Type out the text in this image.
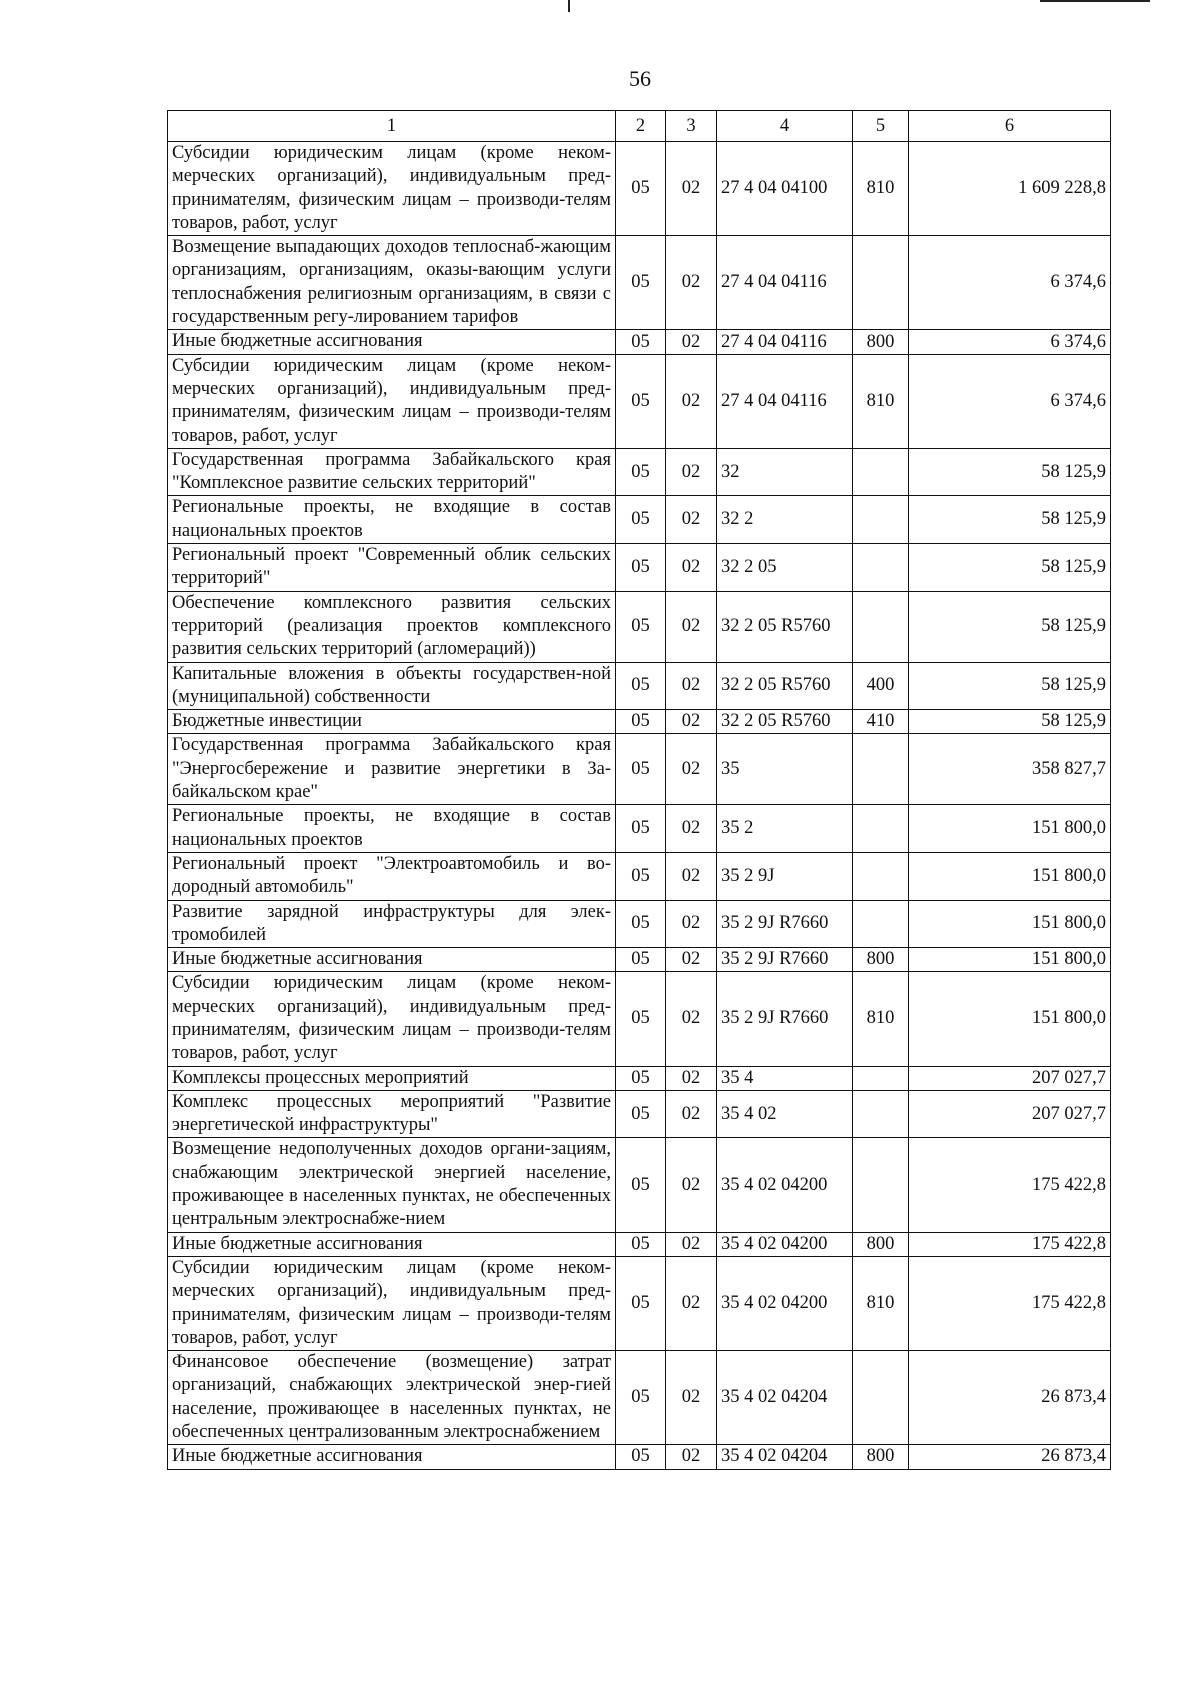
56
1	2	3	4	5	6
Субсидии юридическим лицам (кроме неком-мерческих организаций), индивидуальным пред-принимателям, физическим лицам – производи-телям товаров, работ, услуг	05	02	27 4 04 04100	810	1 609 228,8
Возмещение выпадающих доходов теплоснаб-жающим организациям, организациям, оказы-вающим услуги теплоснабжения религиозным организациям, в связи с государственным регу-лированием тарифов	05	02	27 4 04 04116		6 374,6
Иные бюджетные ассигнования	05	02	27 4 04 04116	800	6 374,6
Субсидии юридическим лицам (кроме неком-мерческих организаций), индивидуальным пред-принимателям, физическим лицам – производи-телям товаров, работ, услуг	05	02	27 4 04 04116	810	6 374,6
Государственная программа Забайкальского края "Комплексное развитие сельских территорий"	05	02	32		58 125,9
Региональные проекты, не входящие в состав национальных проектов	05	02	32 2		58 125,9
Региональный проект "Современный облик сельских территорий"	05	02	32 2 05		58 125,9
Обеспечение комплексного развития сельских территорий (реализация проектов комплексного развития сельских территорий (агломераций))	05	02	32 2 05 R5760		58 125,9
Капитальные вложения в объекты государствен-ной (муниципальной) собственности	05	02	32 2 05 R5760	400	58 125,9
Бюджетные инвестиции	05	02	32 2 05 R5760	410	58 125,9
Государственная программа Забайкальского края "Энергосбережение и развитие энергетики в За-байкальском крае"	05	02	35		358 827,7
Региональные проекты, не входящие в состав национальных проектов	05	02	35 2		151 800,0
Региональный проект "Электроавтомобиль и во-дородный автомобиль"	05	02	35 2 9J		151 800,0
Развитие зарядной инфраструктуры для элек-тромобилей	05	02	35 2 9J R7660		151 800,0
Иные бюджетные ассигнования	05	02	35 2 9J R7660	800	151 800,0
Субсидии юридическим лицам (кроме неком-мерческих организаций), индивидуальным пред-принимателям, физическим лицам – производи-телям товаров, работ, услуг	05	02	35 2 9J R7660	810	151 800,0
Комплексы процессных мероприятий	05	02	35 4		207 027,7
Комплекс процессных мероприятий "Развитие энергетической инфраструктуры"	05	02	35 4 02		207 027,7
Возмещение недополученных доходов органи-зациям, снабжающим электрической энергией население, проживающее в населенных пунктах, не обеспеченных центральным электроснабже-нием	05	02	35 4 02 04200		175 422,8
Иные бюджетные ассигнования	05	02	35 4 02 04200	800	175 422,8
Субсидии юридическим лицам (кроме неком-мерческих организаций), индивидуальным пред-принимателям, физическим лицам – производи-телям товаров, работ, услуг	05	02	35 4 02 04200	810	175 422,8
Финансовое обеспечение (возмещение) затрат организаций, снабжающих электрической энер-гией население, проживающее в населенных пунктах, не обеспеченных централизованным электроснабжением	05	02	35 4 02 04204		26 873,4
Иные бюджетные ассигнования	05	02	35 4 02 04204	800	26 873,4
